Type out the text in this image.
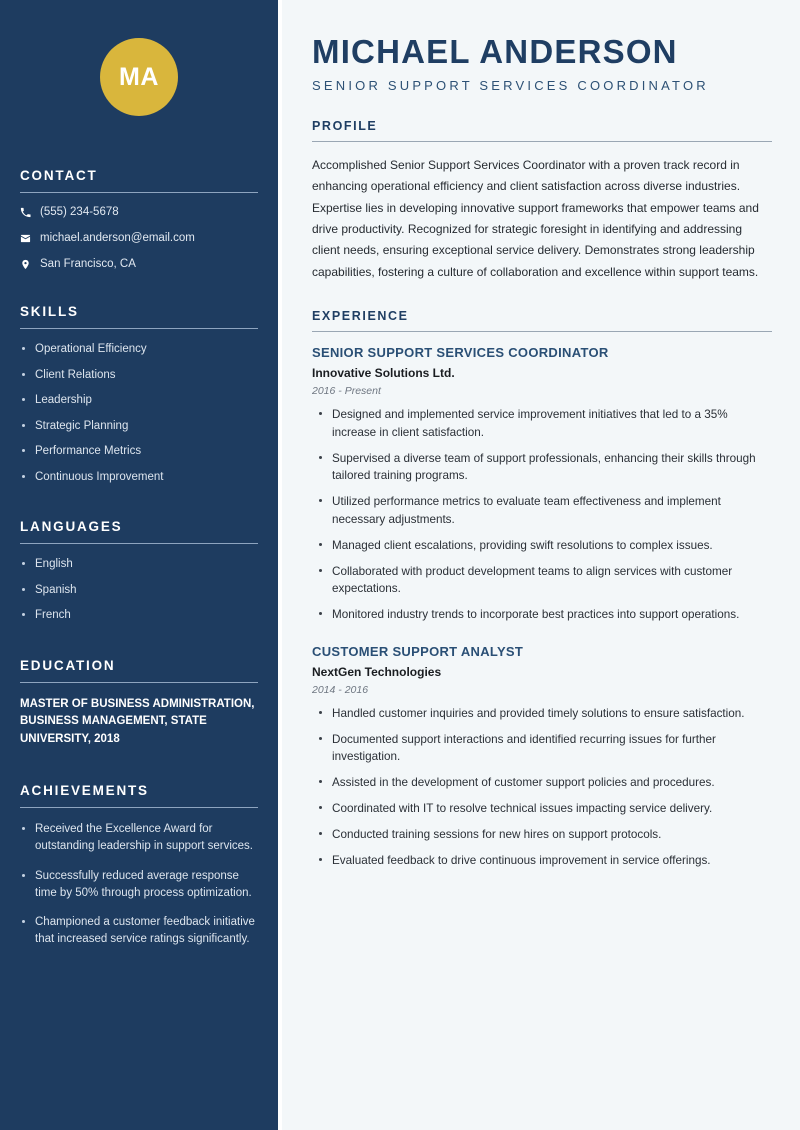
MA
CONTACT
(555) 234-5678
michael.anderson@email.com
San Francisco, CA
SKILLS
Operational Efficiency
Client Relations
Leadership
Strategic Planning
Performance Metrics
Continuous Improvement
LANGUAGES
English
Spanish
French
EDUCATION
MASTER OF BUSINESS ADMINISTRATION, BUSINESS MANAGEMENT, STATE UNIVERSITY, 2018
ACHIEVEMENTS
Received the Excellence Award for outstanding leadership in support services.
Successfully reduced average response time by 50% through process optimization.
Championed a customer feedback initiative that increased service ratings significantly.
MICHAEL ANDERSON
SENIOR SUPPORT SERVICES COORDINATOR
PROFILE

Accomplished Senior Support Services Coordinator with a proven track record in enhancing operational efficiency and client satisfaction across diverse industries. Expertise lies in developing innovative support frameworks that empower teams and drive productivity. Recognized for strategic foresight in identifying and addressing client needs, ensuring exceptional service delivery. Demonstrates strong leadership capabilities, fostering a culture of collaboration and excellence within support teams.

EXPERIENCE
SENIOR SUPPORT SERVICES COORDINATOR
Innovative Solutions Ltd.
2016 - Present
Designed and implemented service improvement initiatives that led to a 35% increase in client satisfaction.
Supervised a diverse team of support professionals, enhancing their skills through tailored training programs.
Utilized performance metrics to evaluate team effectiveness and implement necessary adjustments.
Managed client escalations, providing swift resolutions to complex issues.
Collaborated with product development teams to align services with customer expectations.
Monitored industry trends to incorporate best practices into support operations.
CUSTOMER SUPPORT ANALYST
NextGen Technologies
2014 - 2016
Handled customer inquiries and provided timely solutions to ensure satisfaction.
Documented support interactions and identified recurring issues for further investigation.
Assisted in the development of customer support policies and procedures.
Coordinated with IT to resolve technical issues impacting service delivery.
Conducted training sessions for new hires on support protocols.
Evaluated feedback to drive continuous improvement in service offerings.
